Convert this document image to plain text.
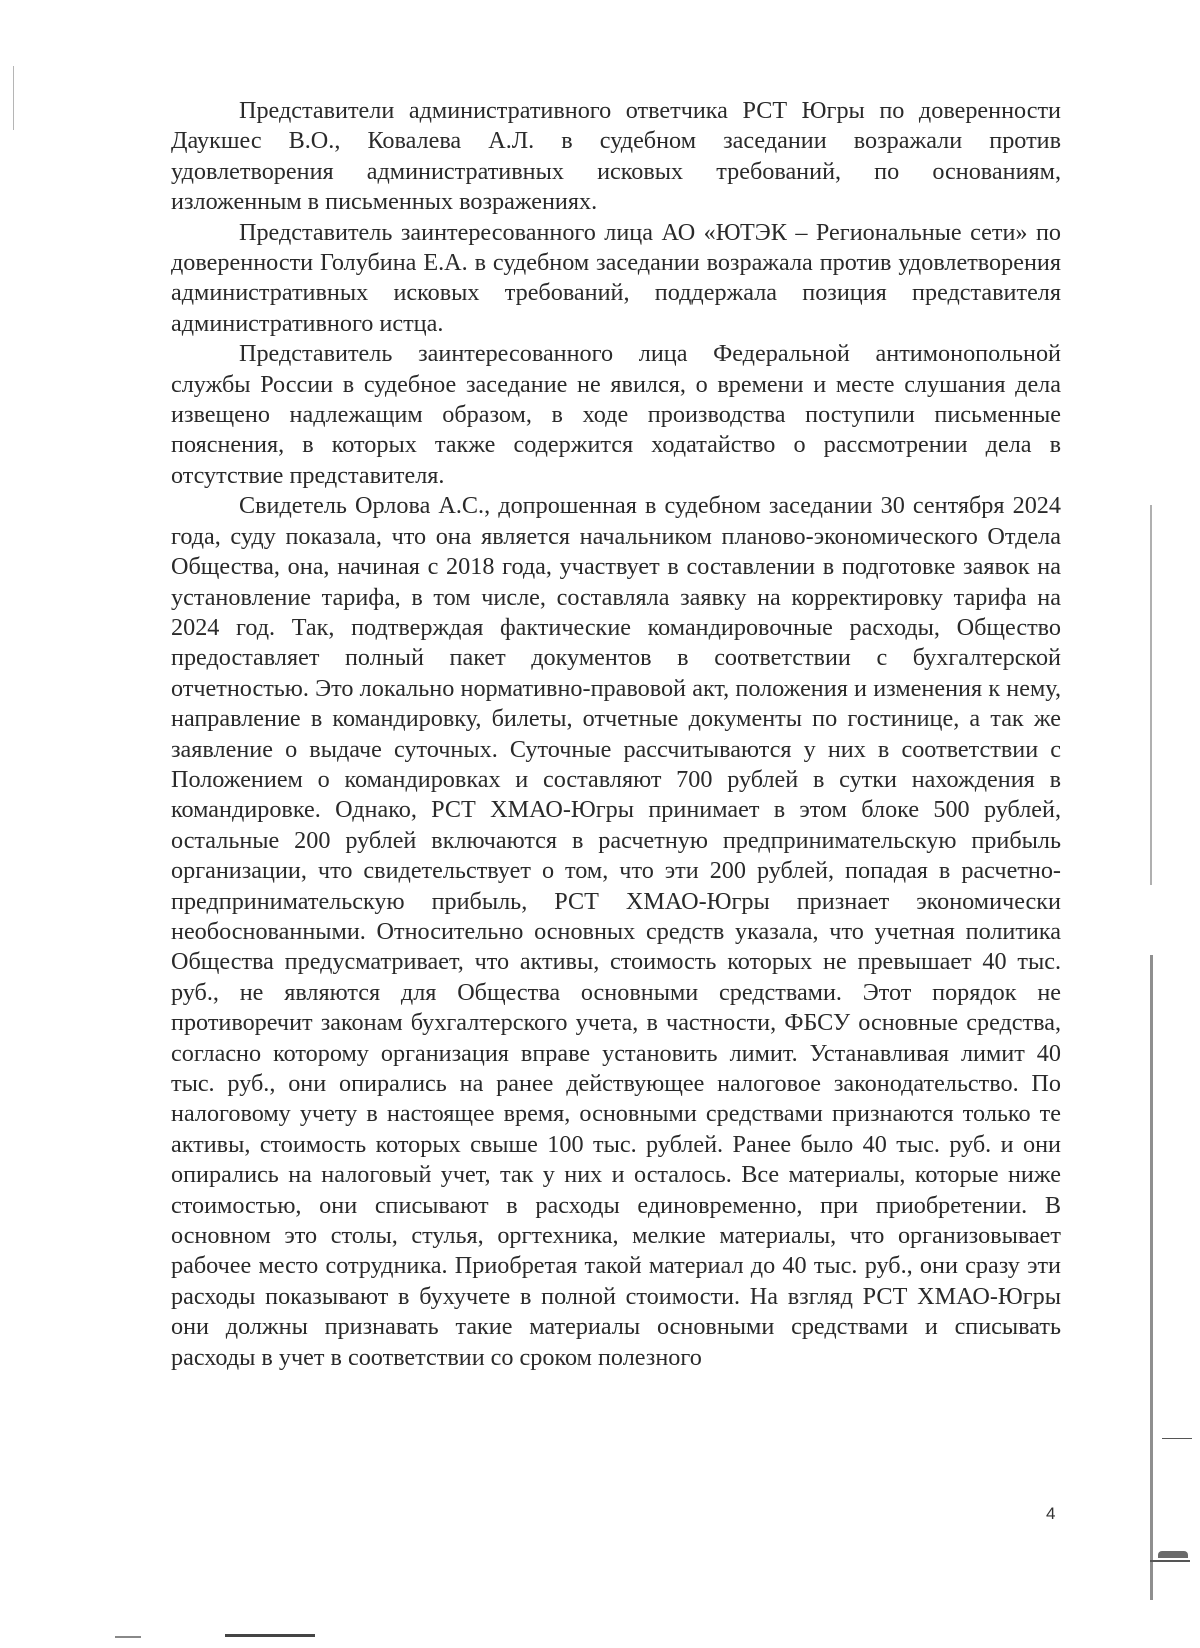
Представители административного ответчика РСТ Югры по доверенности Даукшес В.О., Ковалева А.Л. в судебном заседании возражали против удовлетворения административных исковых требований, по основаниям, изложенным в письменных возражениях.

Представитель заинтересованного лица АО «ЮТЭК – Региональные сети» по доверенности Голубина Е.А. в судебном заседании возражала против удовлетворения административных исковых требований, поддержала позиция представителя административного истца.

Представитель заинтересованного лица Федеральной антимонопольной службы России в судебное заседание не явился, о времени и месте слушания дела извещено надлежащим образом, в ходе производства поступили письменные пояснения, в которых также содержится ходатайство о рассмотрении дела в отсутствие представителя.

Свидетель Орлова А.С., допрошенная в судебном заседании 30 сентября 2024 года, суду показала, что она является начальником планово-экономического Отдела Общества, она, начиная с 2018 года, участвует в составлении в подготовке заявок на установление тарифа, в том числе, составляла заявку на корректировку тарифа на 2024 год. Так, подтверждая фактические командировочные расходы, Общество предоставляет полный пакет документов в соответствии с бухгалтерской отчетностью. Это локально нормативно-правовой акт, положения и изменения к нему, направление в командировку, билеты, отчетные документы по гостинице, а так же заявление о выдаче суточных. Суточные рассчитываются у них в соответствии с Положением о командировках и составляют 700 рублей в сутки нахождения в командировке. Однако, РСТ ХМАО-Югры принимает в этом блоке 500 рублей, остальные 200 рублей включаются в расчетную предпринимательскую прибыль организации, что свидетельствует о том, что эти 200 рублей, попадая в расчетно-предпринимательскую прибыль, РСТ ХМАО-Югры признает экономически необоснованными. Относительно основных средств указала, что учетная политика Общества предусматривает, что активы, стоимость которых не превышает 40 тыс. руб., не являются для Общества основными средствами. Этот порядок не противоречит законам бухгалтерского учета, в частности, ФБСУ основные средства, согласно которому организация вправе установить лимит. Устанавливая лимит 40 тыс. руб., они опирались на ранее действующее налоговое законодательство. По налоговому учету в настоящее время, основными средствами признаются только те активы, стоимость которых свыше 100 тыс. рублей. Ранее было 40 тыс. руб. и они опирались на налоговый учет, так у них и осталось. Все материалы, которые ниже стоимостью, они списывают в расходы единовременно, при приобретении. В основном это столы, стулья, оргтехника, мелкие материалы, что организовывает рабочее место сотрудника. Приобретая такой материал до 40 тыс. руб., они сразу эти расходы показывают в бухучете в полной стоимости. На взгляд РСТ ХМАО-Югры они должны признавать такие материалы основными средствами и списывать расходы в учет в соответствии со сроком полезного

4
